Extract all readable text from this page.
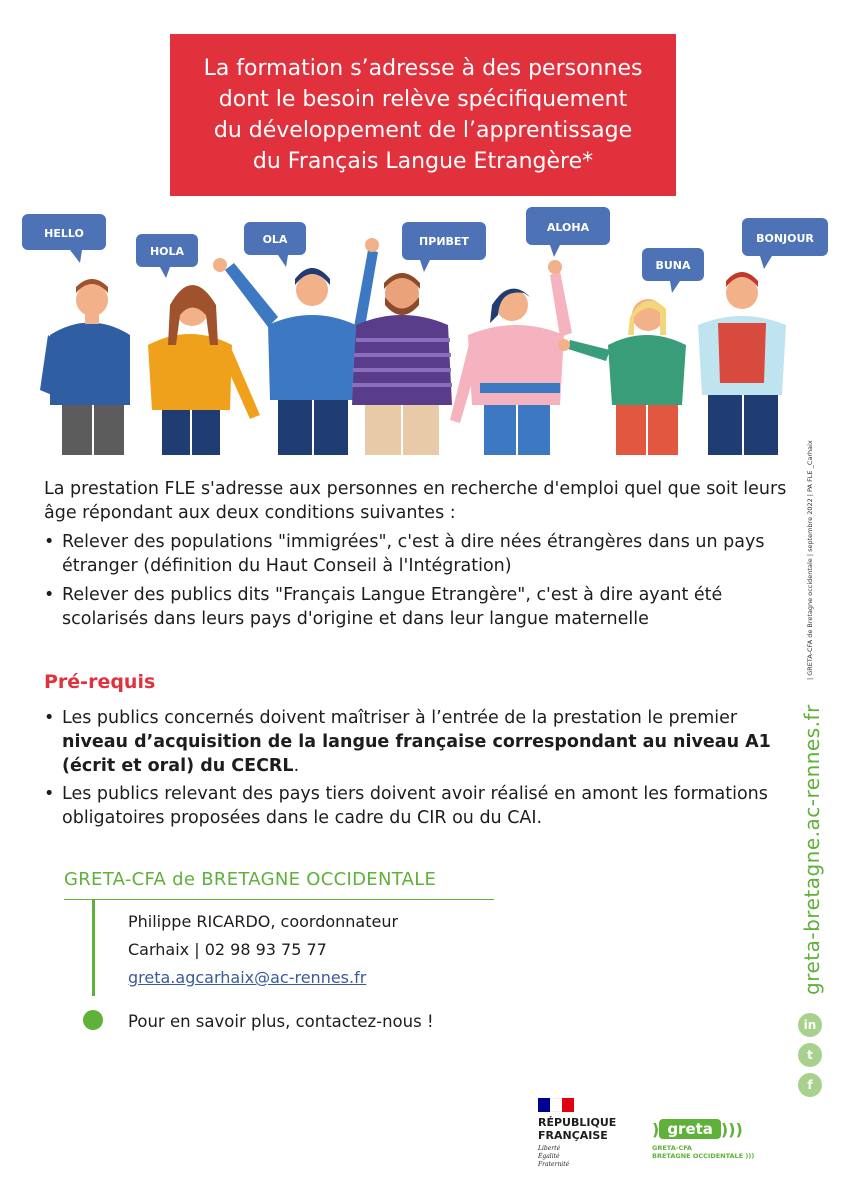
La formation s’adresse à des personnes
dont le besoin relève spécifiquement
du développement de l’apprentissage
du Français Langue Etrangère*
HELLO
HOLA
OLA	ПРИВЕТ
ALOHA
BUNA
BONJOUR
| GRETA-CFA de Bretagne occidentale | septembre 2022 | PA FLE _Carhaix

La prestation FLE s'adresse aux personnes en recherche d'emploi quel que soit leurs âge répondant aux deux conditions suivantes :

• Relever des populations "immigrées", c'est à dire nées étrangères dans un pays étranger (définition du Haut Conseil à l'Intégration)
• Relever des publics dits "Français Langue Etrangère", c'est à dire ayant été scolarisés dans leurs pays d'origine et dans leur langue maternelle
Pré-requis
• Les publics concernés doivent maîtriser à l’entrée de la prestation le premier niveau d’acquisition de la langue française correspondant au niveau A1 (écrit et oral) du CECRL.
• Les publics relevant des pays tiers doivent avoir réalisé en amont les formations obligatoires proposées dans le cadre du CIR ou du CAI.	greta-bretagne.ac-rennes.fr
in
t
f
GRETA-CFA de BRETAGNE OCCIDENTALE
Philippe RICARDO, coordonnateur
Carhaix | 02 98 93 75 77
greta.agcarhaix@ac-rennes.fr
Pour en savoir plus, contactez-nous !
RÉPUBLIQUE
FRANÇAISE
Liberté
Égalité
Fraternité
) greta )))
GRETA-CFA
BRETAGNE OCCIDENTALE )))
